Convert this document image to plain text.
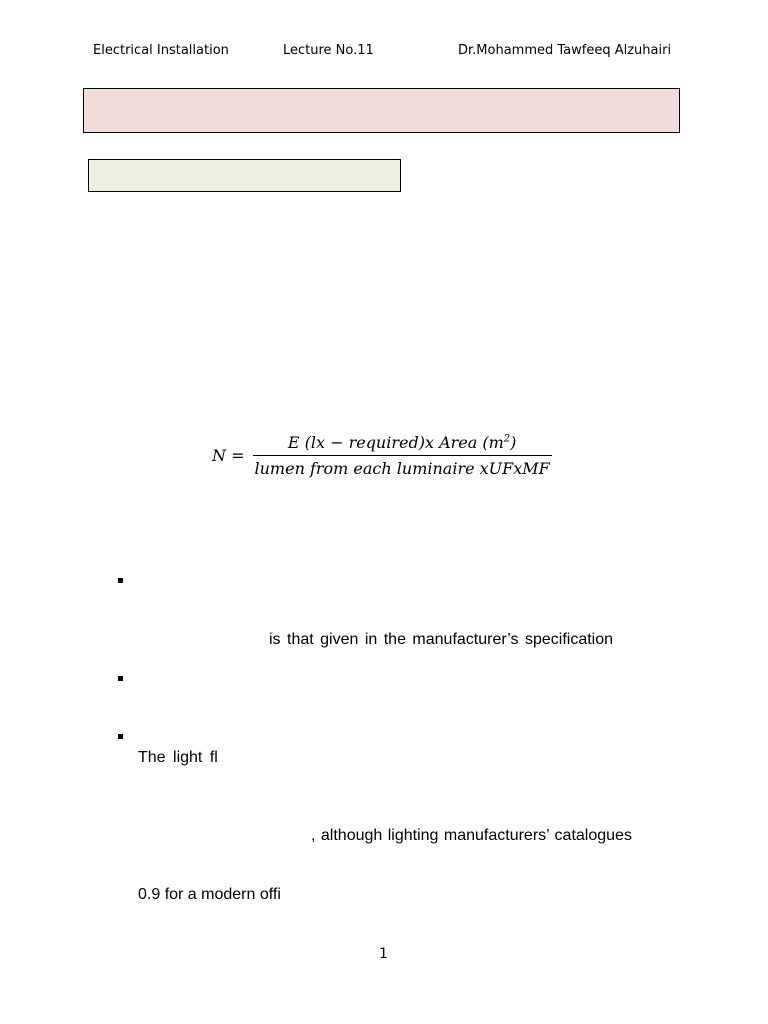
Electrical Installation	Lecture No.11	Dr.Mohammed Tawfeeq Alzuhairi
$N = \frac{E (lx - required)x Area (m^2)}{\text{lumen from each luminaire xUFxMF}}$
is that given in the manufacturer’s specification
The light fl
, although lighting manufacturers’ catalogues
0.9 for a modern offi
1
